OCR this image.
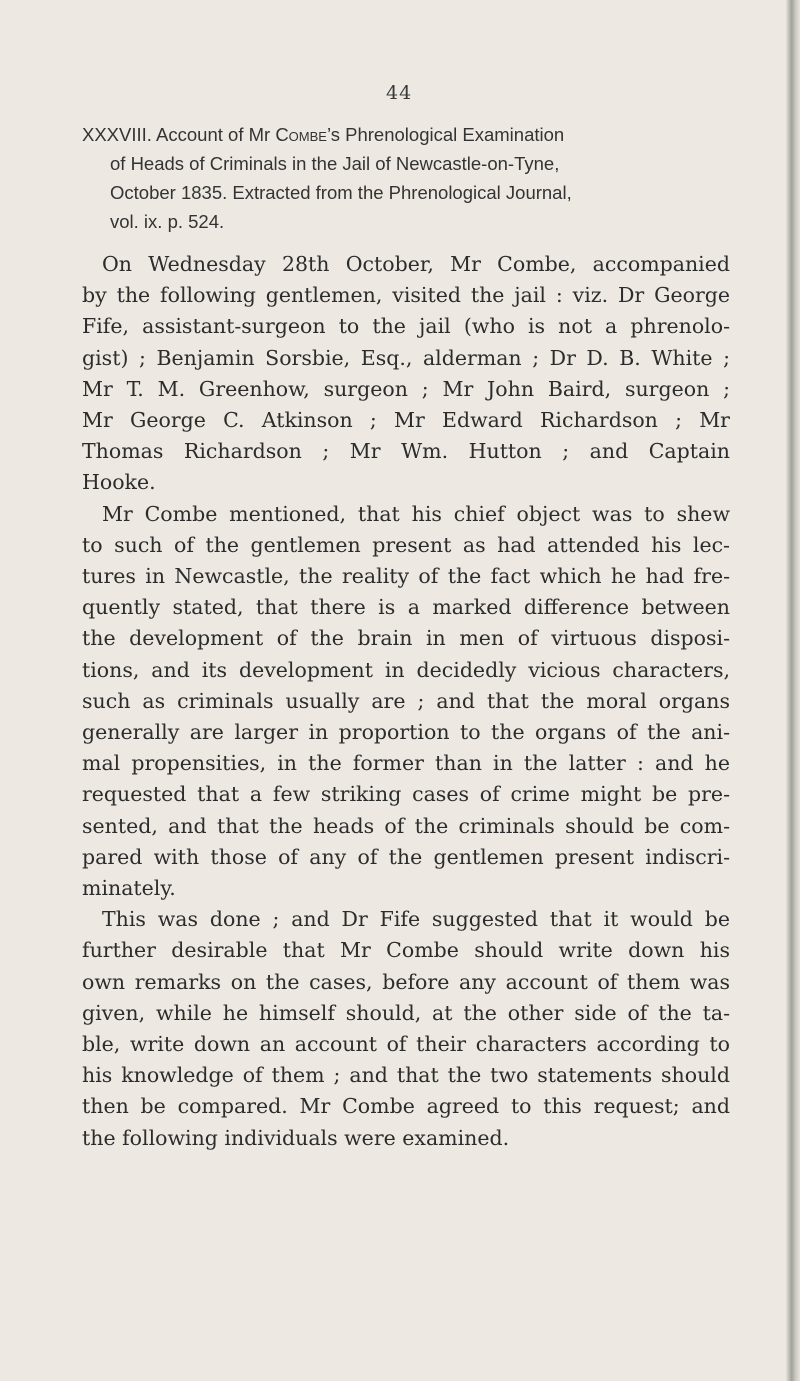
44
XXXVIII. Account of Mr Combe’s Phrenological Examination
of Heads of Criminals in the Jail of Newcastle-on-Tyne,
October 1835. Extracted from the Phrenological Journal,
vol. ix. p. 524.
On Wednesday 28th October, Mr Combe, accompanied
by the following gentlemen, visited the jail : viz. Dr George
Fife, assistant-surgeon to the jail (who is not a phrenolo-
gist) ; Benjamin Sorsbie, Esq., alderman ; Dr D. B. White ;
Mr T. M. Greenhow, surgeon ; Mr John Baird, surgeon ;
Mr George C. Atkinson ; Mr Edward Richardson ; Mr
Thomas Richardson ; Mr Wm. Hutton ; and Captain
Hooke.
Mr Combe mentioned, that his chief object was to shew
to such of the gentlemen present as had attended his lec-
tures in Newcastle, the reality of the fact which he had fre-
quently stated, that there is a marked difference between
the development of the brain in men of virtuous disposi-
tions, and its development in decidedly vicious characters,
such as criminals usually are ; and that the moral organs
generally are larger in proportion to the organs of the ani-
mal propensities, in the former than in the latter : and he
requested that a few striking cases of crime might be pre-
sented, and that the heads of the criminals should be com-
pared with those of any of the gentlemen present indiscri-
minately.
This was done ; and Dr Fife suggested that it would be
further desirable that Mr Combe should write down his
own remarks on the cases, before any account of them was
given, while he himself should, at the other side of the ta-
ble, write down an account of their characters according to
his knowledge of them ; and that the two statements should
then be compared. Mr Combe agreed to this request; and
the following individuals were examined.
